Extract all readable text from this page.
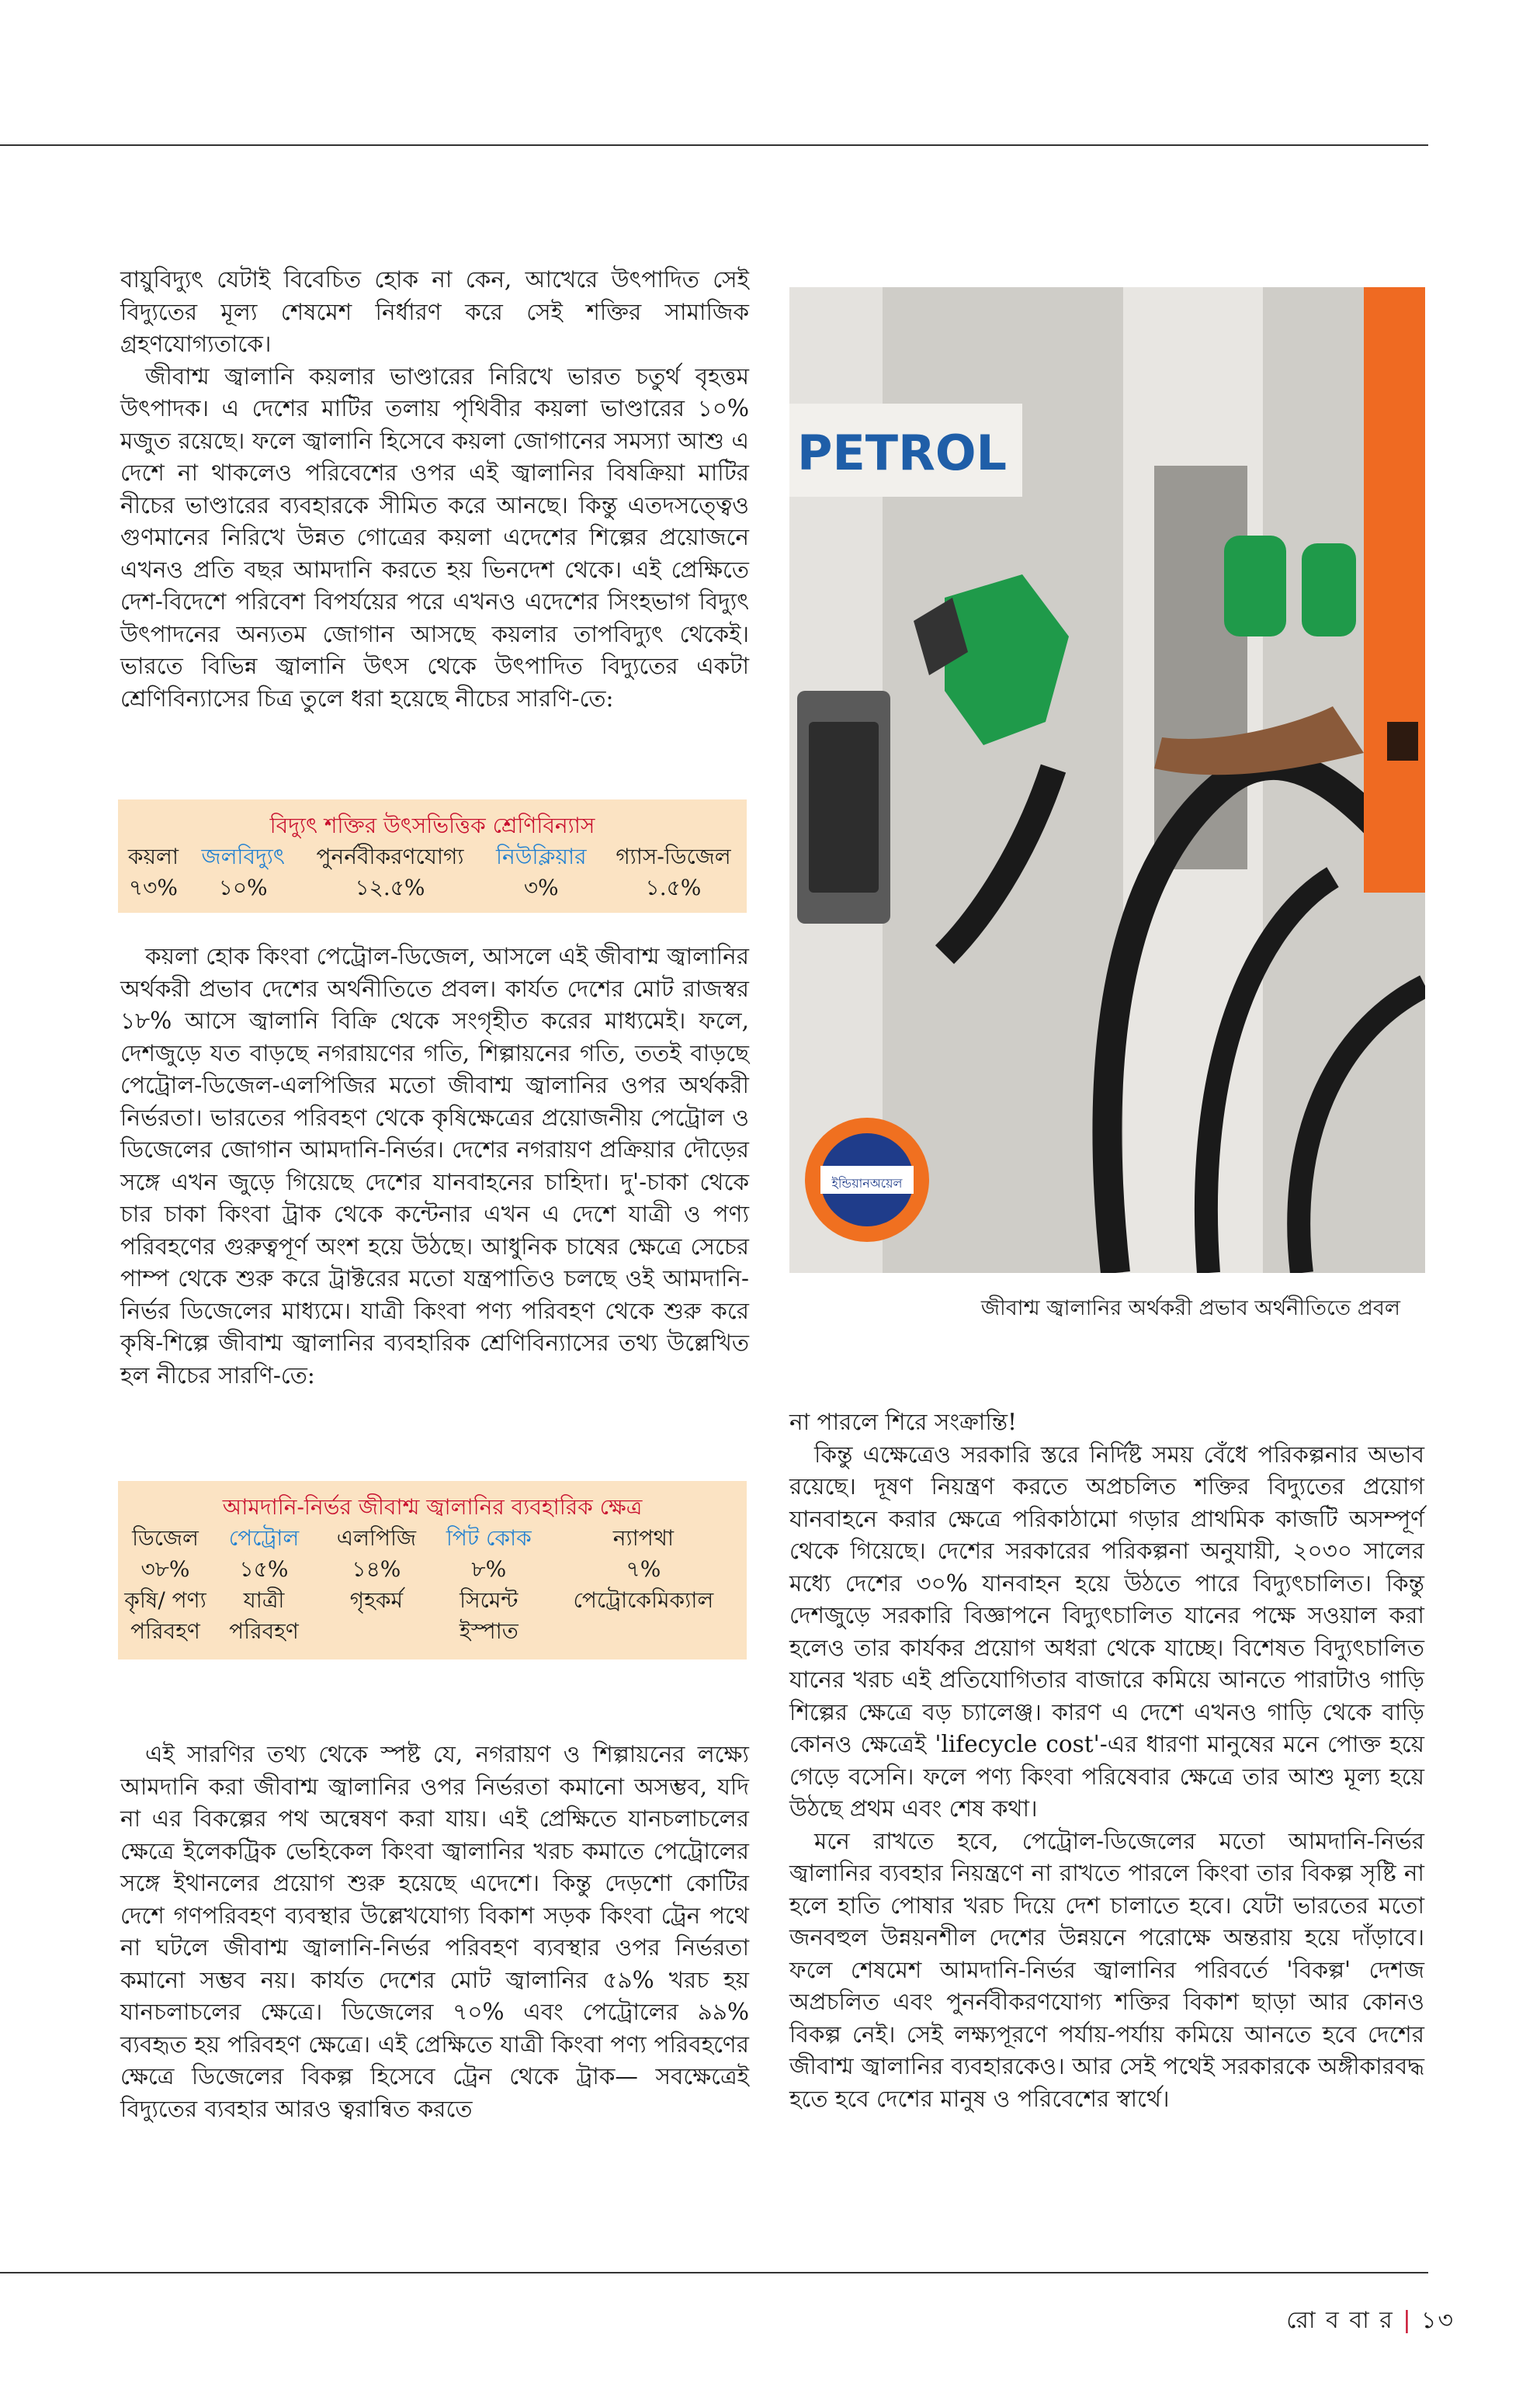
বায়ুবিদ্যুৎ যেটাই বিবেচিত হোক না কেন, আখেরে উৎপাদিত সেই বিদ্যুতের মূল্য শেষমেশ নির্ধারণ করে সেই শক্তির সামাজিক গ্রহণযোগ্যতাকে।

জীবাশ্ম জ্বালানি কয়লার ভাণ্ডারের নিরিখে ভারত চতুর্থ বৃহত্তম উৎপাদক। এ দেশের মাটির তলায় পৃথিবীর কয়লা ভাণ্ডারের ১০% মজুত রয়েছে। ফলে জ্বালানি হিসেবে কয়লা জোগানের সমস্যা আশু এ দেশে না থাকলেও পরিবেশের ওপর এই জ্বালানির বিষক্রিয়া মাটির নীচের ভাণ্ডারের ব্যবহারকে সীমিত করে আনছে। কিন্তু এতদসত্ত্বেও গুণমানের নিরিখে উন্নত গোত্রের কয়লা এদেশের শিল্পের প্রয়োজনে এখনও প্রতি বছর আমদানি করতে হয় ভিনদেশ থেকে। এই প্রেক্ষিতে দেশ-বিদেশে পরিবেশ বিপর্যয়ের পরে এখনও এদেশের সিংহভাগ বিদ্যুৎ উৎপাদনের অন্যতম জোগান আসছে কয়লার তাপবিদ্যুৎ থেকেই। ভারতে বিভিন্ন জ্বালানি উৎস থেকে উৎপাদিত বিদ্যুতের একটা শ্রেণিবিন্যাসের চিত্র তুলে ধরা হয়েছে নীচের সারণি-তে:

বিদ্যুৎ শক্তির উৎসভিত্তিক শ্রেণিবিন্যাস
কয়লা	জলবিদ্যুৎ	পুনর্নবীকরণযোগ্য	নিউক্লিয়ার	গ্যাস-ডিজেল
৭৩%	১০%	১২.৫%	৩%	১.৫%

কয়লা হোক কিংবা পেট্রোল-ডিজেল, আসলে এই জীবাশ্ম জ্বালানির অর্থকরী প্রভাব দেশের অর্থনীতিতে প্রবল। কার্যত দেশের মোট রাজস্বর ১৮% আসে জ্বালানি বিক্রি থেকে সংগৃহীত করের মাধ্যমেই। ফলে, দেশজুড়ে যত বাড়ছে নগরায়ণের গতি, শিল্পায়নের গতি, ততই বাড়ছে পেট্রোল-ডিজেল-এলপিজির মতো জীবাশ্ম জ্বালানির ওপর অর্থকরী নির্ভরতা। ভারতের পরিবহণ থেকে কৃষিক্ষেত্রের প্রয়োজনীয় পেট্রোল ও ডিজেলের জোগান আমদানি-নির্ভর। দেশের নগরায়ণ প্রক্রিয়ার দৌড়ের সঙ্গে এখন জুড়ে গিয়েছে দেশের যানবাহনের চাহিদা। দু'-চাকা থেকে চার চাকা কিংবা ট্রাক থেকে কন্টেনার এখন এ দেশে যাত্রী ও পণ্য পরিবহণের গুরুত্বপূর্ণ অংশ হয়ে উঠছে। আধুনিক চাষের ক্ষেত্রে সেচের পাম্প থেকে শুরু করে ট্রাক্টরের মতো যন্ত্রপাতিও চলছে ওই আমদানি-নির্ভর ডিজেলের মাধ্যমে। যাত্রী কিংবা পণ্য পরিবহণ থেকে শুরু করে কৃষি-শিল্পে জীবাশ্ম জ্বালানির ব্যবহারিক শ্রেণিবিন্যাসের তথ্য উল্লেখিত হল নীচের সারণি-তে:

আমদানি-নির্ভর জীবাশ্ম জ্বালানির ব্যবহারিক ক্ষেত্র
ডিজেল	পেট্রোল	এলপিজি	পিট কোক	ন্যাপথা
৩৮%	১৫%	১৪%	৮%	৭%
কৃষি/ পণ্য পরিবহণ	যাত্রী পরিবহণ	গৃহকর্ম	সিমেন্ট ইস্পাত	পেট্রোকেমিক্যাল

এই সারণির তথ্য থেকে স্পষ্ট যে, নগরায়ণ ও শিল্পায়নের লক্ষ্যে আমদানি করা জীবাশ্ম জ্বালানির ওপর নির্ভরতা কমানো অসম্ভব, যদি না এর বিকল্পের পথ অন্বেষণ করা যায়। এই প্রেক্ষিতে যানচলাচলের ক্ষেত্রে ইলেকট্রিক ভেহিকেল কিংবা জ্বালানির খরচ কমাতে পেট্রোলের সঙ্গে ইথানলের প্রয়োগ শুরু হয়েছে এদেশে। কিন্তু দেড়শো কোটির দেশে গণপরিবহণ ব্যবস্থার উল্লেখযোগ্য বিকাশ সড়ক কিংবা ট্রেন পথে না ঘটলে জীবাশ্ম জ্বালানি-নির্ভর পরিবহণ ব্যবস্থার ওপর নির্ভরতা কমানো সম্ভব নয়। কার্যত দেশের মোট জ্বালানির ৫৯% খরচ হয় যানচলাচলের ক্ষেত্রে। ডিজেলের ৭০% এবং পেট্রোলের ৯৯% ব্যবহৃত হয় পরিবহণ ক্ষেত্রে। এই প্রেক্ষিতে যাত্রী কিংবা পণ্য পরিবহণের ক্ষেত্রে ডিজেলের বিকল্প হিসেবে ট্রেন থেকে ট্রাক— সবক্ষেত্রেই বিদ্যুতের ব্যবহার আরও ত্বরান্বিত করতে

PETROL
ইন্ডিয়ানঅয়েল
জীবাশ্ম জ্বালানির অর্থকরী প্রভাব অর্থনীতিতে প্রবল

না পারলে শিরে সংক্রান্তি!

কিন্তু এক্ষেত্রেও সরকারি স্তরে নির্দিষ্ট সময় বেঁধে পরিকল্পনার অভাব রয়েছে। দূষণ নিয়ন্ত্রণ করতে অপ্রচলিত শক্তির বিদ্যুতের প্রয়োগ যানবাহনে করার ক্ষেত্রে পরিকাঠামো গড়ার প্রাথমিক কাজটি অসম্পূর্ণ থেকে গিয়েছে। দেশের সরকারের পরিকল্পনা অনুযায়ী, ২০৩০ সালের মধ্যে দেশের ৩০% যানবাহন হয়ে উঠতে পারে বিদ্যুৎচালিত। কিন্তু দেশজুড়ে সরকারি বিজ্ঞাপনে বিদ্যুৎচালিত যানের পক্ষে সওয়াল করা হলেও তার কার্যকর প্রয়োগ অধরা থেকে যাচ্ছে। বিশেষত বিদ্যুৎচালিত যানের খরচ এই প্রতিযোগিতার বাজারে কমিয়ে আনতে পারাটাও গাড়ি শিল্পের ক্ষেত্রে বড় চ্যালেঞ্জ। কারণ এ দেশে এখনও গাড়ি থেকে বাড়ি কোনও ক্ষেত্রেই 'lifecycle cost'-এর ধারণা মানুষের মনে পোক্ত হয়ে গেড়ে বসেনি। ফলে পণ্য কিংবা পরিষেবার ক্ষেত্রে তার আশু মূল্য হয়ে উঠছে প্রথম এবং শেষ কথা।

মনে রাখতে হবে, পেট্রোল-ডিজেলের মতো আমদানি-নির্ভর জ্বালানির ব্যবহার নিয়ন্ত্রণে না রাখতে পারলে কিংবা তার বিকল্প সৃষ্টি না হলে হাতি পোষার খরচ দিয়ে দেশ চালাতে হবে। যেটা ভারতের মতো জনবহুল উন্নয়নশীল দেশের উন্নয়নে পরোক্ষে অন্তরায় হয়ে দাঁড়াবে। ফলে শেষমেশ আমদানি-নির্ভর জ্বালানির পরিবর্তে 'বিকল্প' দেশজ অপ্রচলিত এবং পুনর্নবীকরণযোগ্য শক্তির বিকাশ ছাড়া আর কোনও বিকল্প নেই। সেই লক্ষ্যপূরণে পর্যায়-পর্যায় কমিয়ে আনতে হবে দেশের জীবাশ্ম জ্বালানির ব্যবহারকেও। আর সেই পথেই সরকারকে অঙ্গীকারবদ্ধ হতে হবে দেশের মানুষ ও পরিবেশের স্বার্থে।

রো ব বা র | ১৩
